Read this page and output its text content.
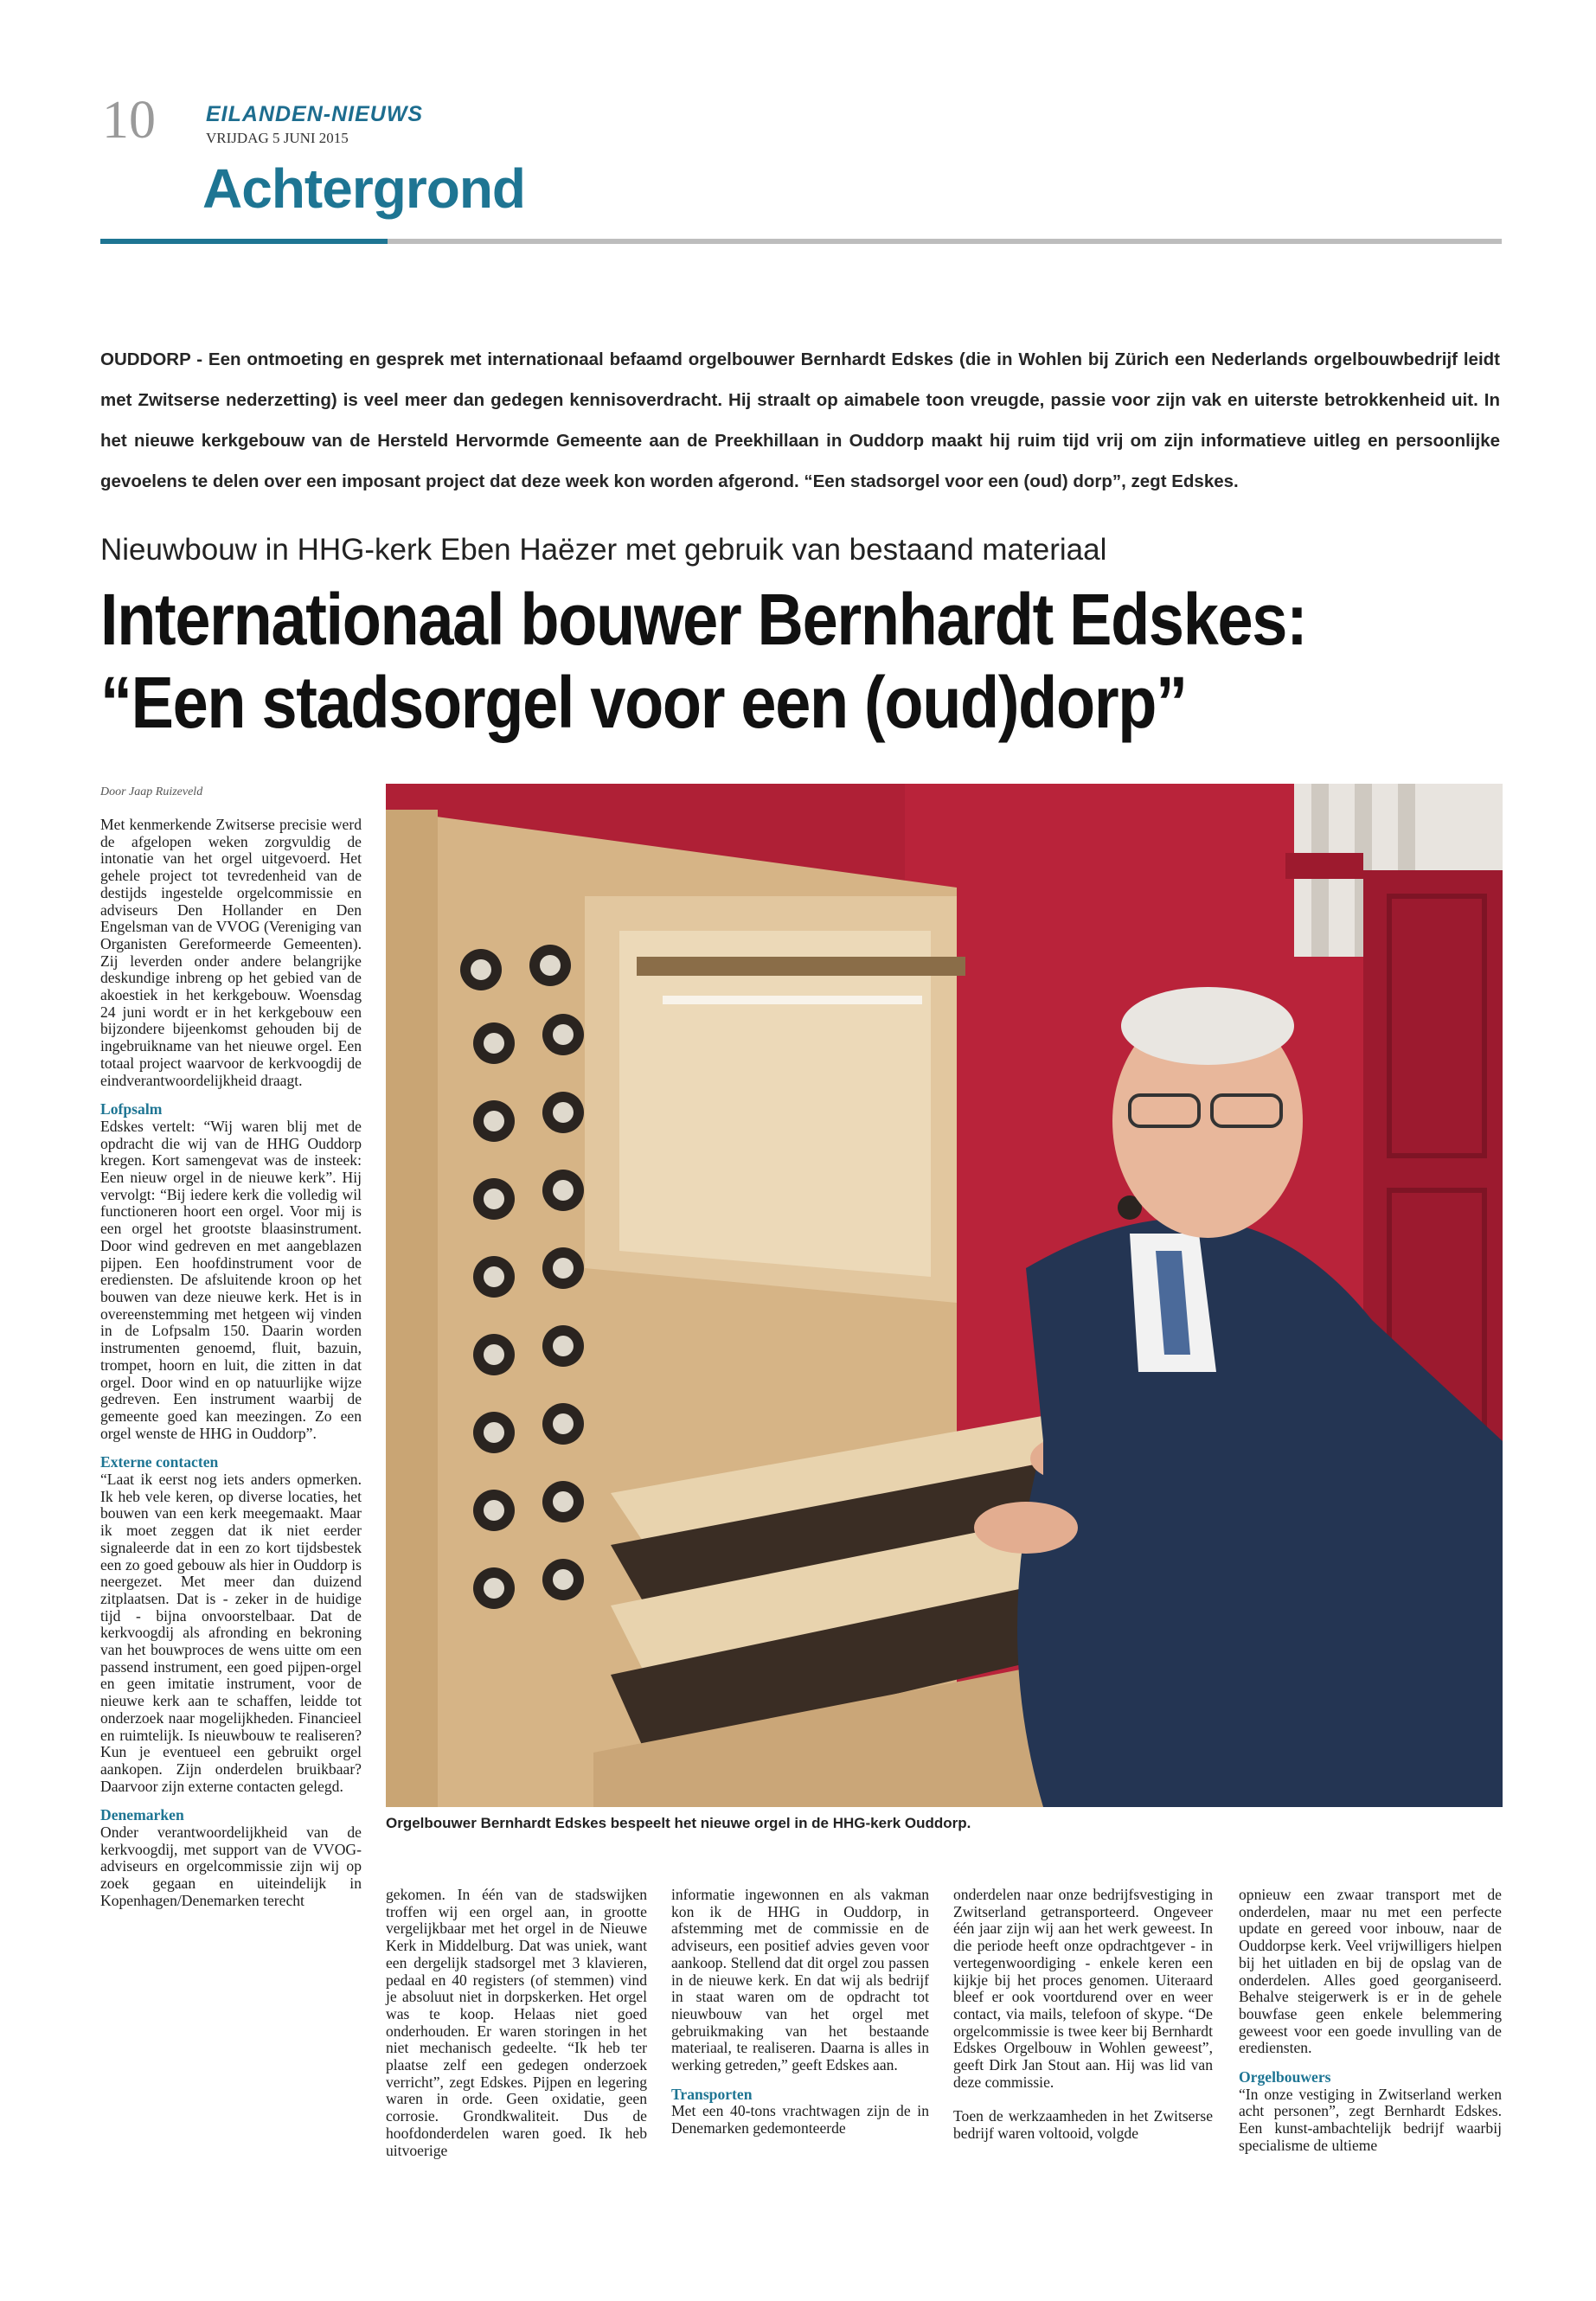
10 EILANDEN-NIEUWS
VRIJDAG 5 JUNI 2015
Achtergrond
OUDDORP - Een ontmoeting en gesprek met internationaal befaamd orgelbouwer Bernhardt Edskes (die in Wohlen bij Zürich een Nederlands orgelbouwbedrijf leidt met Zwitserse nederzetting) is veel meer dan gedegen kennisoverdracht. Hij straalt op aimabele toon vreugde, passie voor zijn vak en uiterste betrokkenheid uit. In het nieuwe kerkgebouw van de Hersteld Hervormde Gemeente aan de Preekhillaan in Ouddorp maakt hij ruim tijd vrij om zijn informatieve uitleg en persoonlijke gevoelens te delen over een imposant project dat deze week kon worden afgerond. “Een stadsorgel voor een (oud) dorp”, zegt Edskes.
Nieuwbouw in HHG-kerk Eben Haëzer met gebruik van bestaand materiaal
Internationaal bouwer Bernhardt Edskes:
“Een stadsorgel voor een (oud)dorp”
Door Jaap Ruizeveld

Met kenmerkende Zwitserse precisie werd de afgelopen weken zorgvuldig de intonatie van het orgel uitgevoerd. Het gehele project tot tevredenheid van de destijds ingestelde orgelcommissie en adviseurs Den Hollander en Den Engelsman van de VVOG (Vereniging van Organisten Gereformeerde Gemeenten). Zij leverden onder andere belangrijke deskundige inbreng op het gebied van de akoestiek in het kerkgebouw. Woensdag 24 juni wordt er in het kerkgebouw een bijzondere bijeenkomst gehouden bij de ingebruikname van het nieuwe orgel. Een totaal project waarvoor de kerkvoogdij de eindverantwoordelijkheid draagt.

Lofpsalm

Edskes vertelt: “Wij waren blij met de opdracht die wij van de HHG Ouddorp kregen. Kort samengevat was de insteek: Een nieuw orgel in de nieuwe kerk”. Hij vervolgt: “Bij iedere kerk die volledig wil functioneren hoort een orgel. Voor mij is een orgel het grootste blaasinstrument. Door wind gedreven en met aangeblazen pijpen. Een hoofdinstrument voor de erediensten. De afsluitende kroon op het bouwen van deze nieuwe kerk. Het is in overeenstemming met hetgeen wij vinden in de Lofpsalm 150. Daarin worden instrumenten genoemd, fluit, bazuin, trompet, hoorn en luit, die zitten in dat orgel. Door wind en op natuurlijke wijze gedreven. Een instrument waarbij de gemeente goed kan meezingen. Zo een orgel wenste de HHG in Ouddorp”.

Externe contacten

“Laat ik eerst nog iets anders opmerken. Ik heb vele keren, op diverse locaties, het bouwen van een kerk meegemaakt. Maar ik moet zeggen dat ik niet eerder signaleerde dat in een zo kort tijdsbestek een zo goed gebouw als hier in Ouddorp is neergezet. Met meer dan duizend zitplaatsen. Dat is - zeker in de huidige tijd - bijna onvoorstelbaar. Dat de kerkvoogdij als afronding en bekroning van het bouwproces de wens uitte om een passend instrument, een goed pijpen-orgel en geen imitatie instrument, voor de nieuwe kerk aan te schaffen, leidde tot onderzoek naar mogelijkheden. Financieel en ruimtelijk. Is nieuwbouw te realiseren? Kun je eventueel een gebruikt orgel aankopen. Zijn onderdelen bruikbaar? Daarvoor zijn externe contacten gelegd.

Denemarken

Onder verantwoordelijkheid van de kerkvoogdij, met support van de VVOG-adviseurs en orgelcommissie zijn wij op zoek gegaan en uiteindelijk in Kopenhagen/Denemarken terecht

Orgelbouwer Bernhardt Edskes bespeelt het nieuwe orgel in de HHG-kerk Ouddorp.

gekomen. In één van de stadswijken troffen wij een orgel aan, in grootte vergelijkbaar met het orgel in de Nieuwe Kerk in Middelburg. Dat was uniek, want een dergelijk stadsorgel met 3 klavieren, pedaal en 40 registers (of stemmen) vind je absoluut niet in dorpskerken. Het orgel was te koop. Helaas niet goed onderhouden. Er waren storingen in het niet mechanisch gedeelte. “Ik heb ter plaatse zelf een gedegen onderzoek verricht”, zegt Edskes. Pijpen en legering waren in orde. Geen oxidatie, geen corrosie. Grondkwaliteit. Dus de hoofdonderdelen waren goed. Ik heb uitvoerige

informatie ingewonnen en als vakman kon ik de HHG in Ouddorp, in afstemming met de commissie en de adviseurs, een positief advies geven voor aankoop. Stellend dat dit orgel zou passen in de nieuwe kerk. En dat wij als bedrijf in staat waren om de opdracht tot nieuwbouw van het orgel met gebruikmaking van het bestaande materiaal, te realiseren. Daarna is alles in werking getreden,” geeft Edskes aan.

Transporten

Met een 40-tons vrachtwagen zijn de in Denemarken gedemonteerde

onderdelen naar onze bedrijfsvestiging in Zwitserland getransporteerd. Ongeveer één jaar zijn wij aan het werk geweest. In die periode heeft onze opdrachtgever - in vertegenwoordiging - enkele keren een kijkje bij het proces genomen. Uiteraard bleef er ook voortdurend over en weer contact, via mails, telefoon of skype. “De orgelcommissie is twee keer bij Bernhardt Edskes Orgelbouw in Wohlen geweest”, geeft Dirk Jan Stout aan. Hij was lid van deze commissie.

Toen de werkzaamheden in het Zwitserse bedrijf waren voltooid, volgde

opnieuw een zwaar transport met de onderdelen, maar nu met een perfecte update en gereed voor inbouw, naar de Ouddorpse kerk. Veel vrijwilligers hielpen bij het uitladen en bij de opslag van de onderdelen. Alles goed georganiseerd. Behalve steigerwerk is er in de gehele bouwfase geen enkele belemmering geweest voor een goede invulling van de erediensten.

Orgelbouwers

“In onze vestiging in Zwitserland werken acht personen”, zegt Bernhardt Edskes. Een kunst-ambachtelijk bedrijf waarbij specialisme de ultieme
